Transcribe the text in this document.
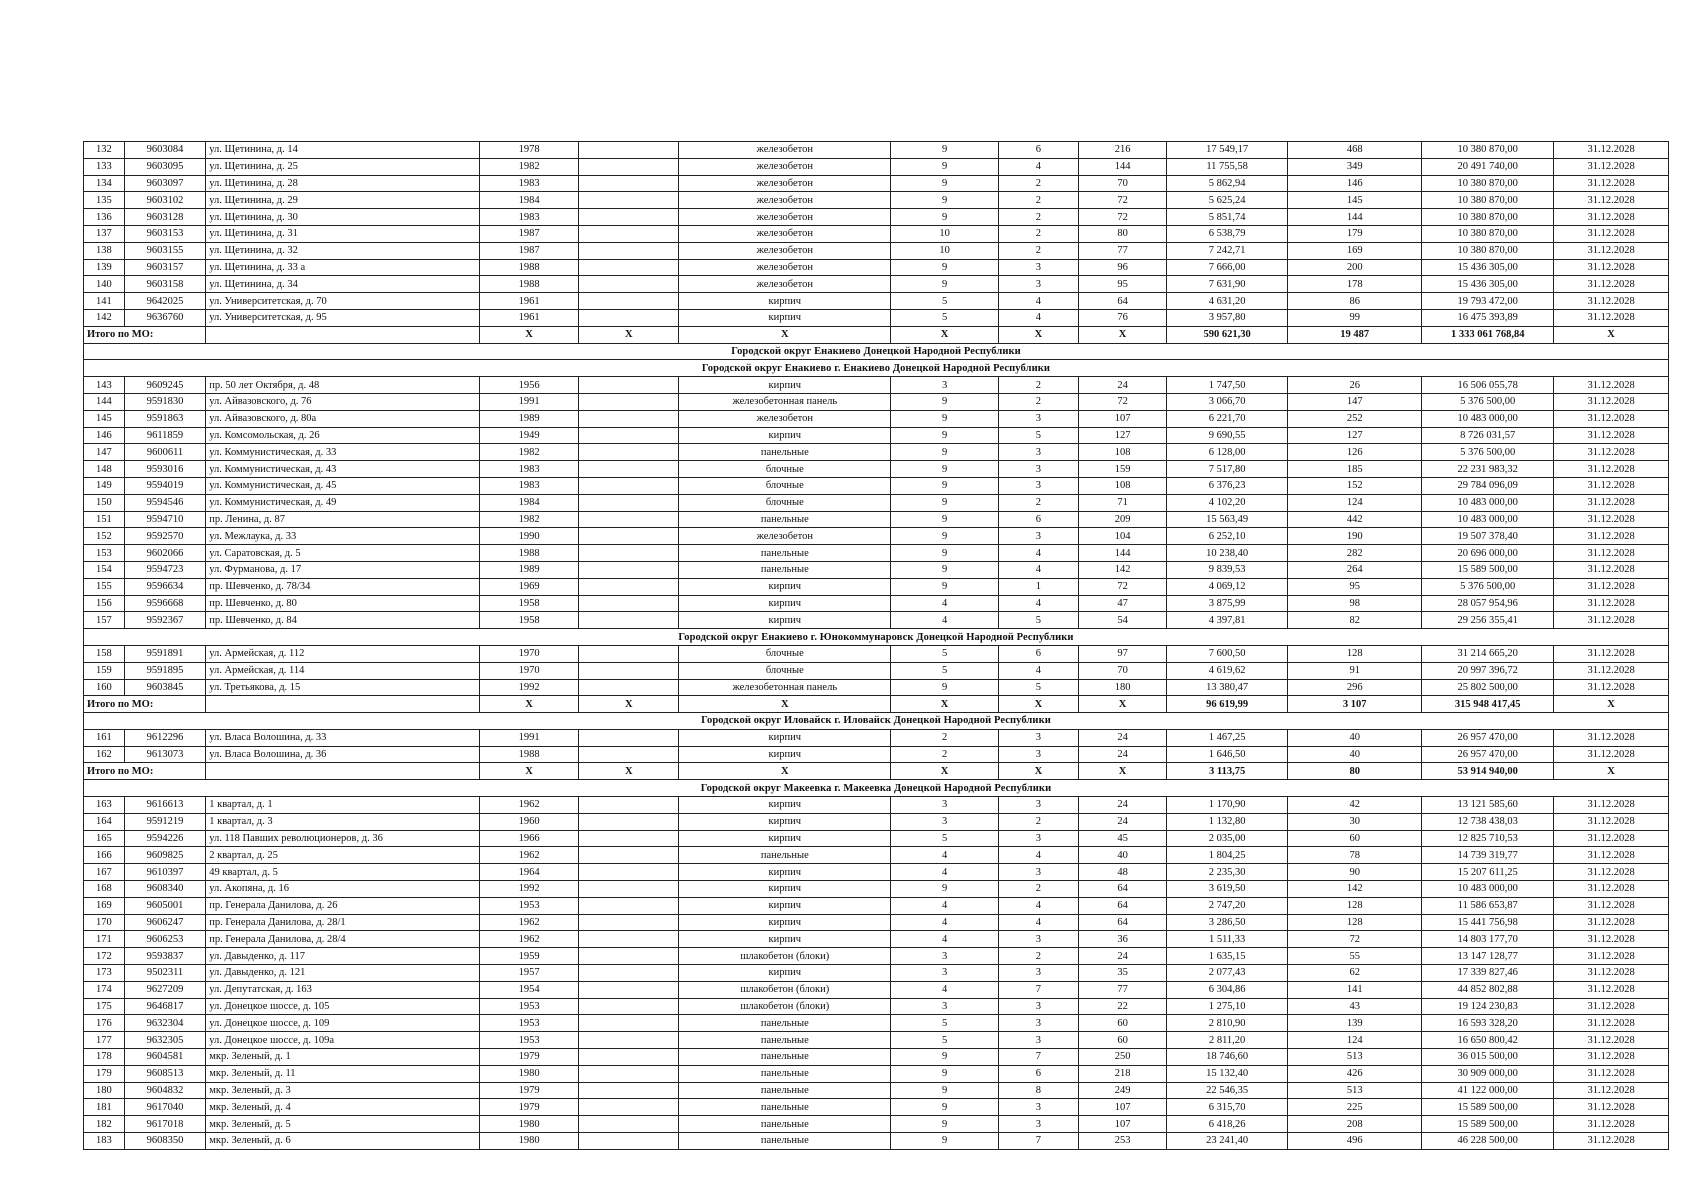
132	9603084	ул. Щетинина, д. 14	1978		железобетон	9	6	216	17 549,17	468	10 380 870,00	31.12.2028
133	9603095	ул. Щетинина, д. 25	1982		железобетон	9	4	144	11 755,58	349	20 491 740,00	31.12.2028
134	9603097	ул. Щетинина, д. 28	1983		железобетон	9	2	70	5 862,94	146	10 380 870,00	31.12.2028
135	9603102	ул. Щетинина, д. 29	1984		железобетон	9	2	72	5 625,24	145	10 380 870,00	31.12.2028
136	9603128	ул. Щетинина, д. 30	1983		железобетон	9	2	72	5 851,74	144	10 380 870,00	31.12.2028
137	9603153	ул. Щетинина, д. 31	1987		железобетон	10	2	80	6 538,79	179	10 380 870,00	31.12.2028
138	9603155	ул. Щетинина, д. 32	1987		железобетон	10	2	77	7 242,71	169	10 380 870,00	31.12.2028
139	9603157	ул. Щетинина, д. 33 а	1988		железобетон	9	3	96	7 666,00	200	15 436 305,00	31.12.2028
140	9603158	ул. Щетинина, д. 34	1988		железобетон	9	3	95	7 631,90	178	15 436 305,00	31.12.2028
141	9642025	ул. Университетская, д. 70	1961		кирпич	5	4	64	4 631,20	86	19 793 472,00	31.12.2028
142	9636760	ул. Университетская, д. 95	1961		кирпич	5	4	76	3 957,80	99	16 475 393,89	31.12.2028
Итого по МО:			Х	Х	Х	Х	Х	Х	590 621,30	19 487	1 333 061 768,84	Х
Городской округ Енакиево Донецкой Народной Республики												
Городской округ Енакиево г. Енакиево Донецкой Народной Республики												
143	9609245	пр. 50 лет Октября, д. 48	1956		кирпич	3	2	24	1 747,50	26	16 506 055,78	31.12.2028
144	9591830	ул. Айвазовского, д. 76	1991		железобетонная панель	9	2	72	3 066,70	147	5 376 500,00	31.12.2028
145	9591863	ул. Айвазовского, д. 80а	1989		железобетон	9	3	107	6 221,70	252	10 483 000,00	31.12.2028
146	9611859	ул. Комсомольская, д. 26	1949		кирпич	9	5	127	9 690,55	127	8 726 031,57	31.12.2028
147	9600611	ул. Коммунистическая, д. 33	1982		панельные	9	3	108	6 128,00	126	5 376 500,00	31.12.2028
148	9593016	ул. Коммунистическая, д. 43	1983		блочные	9	3	159	7 517,80	185	22 231 983,32	31.12.2028
149	9594019	ул. Коммунистическая, д. 45	1983		блочные	9	3	108	6 376,23	152	29 784 096,09	31.12.2028
150	9594546	ул. Коммунистическая, д. 49	1984		блочные	9	2	71	4 102,20	124	10 483 000,00	31.12.2028
151	9594710	пр. Ленина, д. 87	1982		панельные	9	6	209	15 563,49	442	10 483 000,00	31.12.2028
152	9592570	ул. Межлаука, д. 33	1990		железобетон	9	3	104	6 252,10	190	19 507 378,40	31.12.2028
153	9602066	ул. Саратовская, д. 5	1988		панельные	9	4	144	10 238,40	282	20 696 000,00	31.12.2028
154	9594723	ул. Фурманова, д. 17	1989		панельные	9	4	142	9 839,53	264	15 589 500,00	31.12.2028
155	9596634	пр. Шевченко, д. 78/34	1969		кирпич	9	1	72	4 069,12	95	5 376 500,00	31.12.2028
156	9596668	пр. Шевченко, д. 80	1958		кирпич	4	4	47	3 875,99	98	28 057 954,96	31.12.2028
157	9592367	пр. Шевченко, д. 84	1958		кирпич	4	5	54	4 397,81	82	29 256 355,41	31.12.2028
Городской округ Енакиево г. Юнокоммунаровск Донецкой Народной Республики												
158	9591891	ул. Армейская, д. 112	1970		блочные	5	6	97	7 600,50	128	31 214 665,20	31.12.2028
159	9591895	ул. Армейская, д. 114	1970		блочные	5	4	70	4 619,62	91	20 997 396,72	31.12.2028
160	9603845	ул. Третьякова, д. 15	1992		железобетонная панель	9	5	180	13 380,47	296	25 802 500,00	31.12.2028
Итого по МО:			Х	Х	Х	Х	Х	Х	96 619,99	3 107	315 948 417,45	Х
Городской округ Иловайск г. Иловайск Донецкой Народной Республики												
161	9612296	ул. Власа Волошина, д. 33	1991		кирпич	2	3	24	1 467,25	40	26 957 470,00	31.12.2028
162	9613073	ул. Власа Волошина, д. 36	1988		кирпич	2	3	24	1 646,50	40	26 957 470,00	31.12.2028
Итого по МО:			Х	Х	Х	Х	Х	Х	3 113,75	80	53 914 940,00	Х
Городской округ Макеевка г. Макеевка Донецкой Народной Республики												
163	9616613	1 квартал, д. 1	1962		кирпич	3	3	24	1 170,90	42	13 121 585,60	31.12.2028
164	9591219	1 квартал, д. 3	1960		кирпич	3	2	24	1 132,80	30	12 738 438,03	31.12.2028
165	9594226	ул. 118 Павших революционеров, д. 36	1966		кирпич	5	3	45	2 035,00	60	12 825 710,53	31.12.2028
166	9609825	2 квартал, д. 25	1962		панельные	4	4	40	1 804,25	78	14 739 319,77	31.12.2028
167	9610397	49 квартал, д. 5	1964		кирпич	4	3	48	2 235,30	90	15 207 611,25	31.12.2028
168	9608340	ул. Акопяна, д. 16	1992		кирпич	9	2	64	3 619,50	142	10 483 000,00	31.12.2028
169	9605001	пр. Генерала Данилова, д. 26	1953		кирпич	4	4	64	2 747,20	128	11 586 653,87	31.12.2028
170	9606247	пр. Генерала Данилова, д. 28/1	1962		кирпич	4	4	64	3 286,50	128	15 441 756,98	31.12.2028
171	9606253	пр. Генерала Данилова, д. 28/4	1962		кирпич	4	3	36	1 511,33	72	14 803 177,70	31.12.2028
172	9593837	ул. Давыденко, д. 117	1959		шлакобетон (блоки)	3	2	24	1 635,15	55	13 147 128,77	31.12.2028
173	9502311	ул. Давыденко, д. 121	1957		кирпич	3	3	35	2 077,43	62	17 339 827,46	31.12.2028
174	9627209	ул. Депутатская, д. 163	1954		шлакобетон (блоки)	4	7	77	6 304,86	141	44 852 802,88	31.12.2028
175	9646817	ул. Донецкое шоссе, д. 105	1953		шлакобетон (блоки)	3	3	22	1 275,10	43	19 124 230,83	31.12.2028
176	9632304	ул. Донецкое шоссе, д. 109	1953		панельные	5	3	60	2 810,90	139	16 593 328,20	31.12.2028
177	9632305	ул. Донецкое шоссе, д. 109а	1953		панельные	5	3	60	2 811,20	124	16 650 800,42	31.12.2028
178	9604581	мкр. Зеленый, д. 1	1979		панельные	9	7	250	18 746,60	513	36 015 500,00	31.12.2028
179	9608513	мкр. Зеленый, д. 11	1980		панельные	9	6	218	15 132,40	426	30 909 000,00	31.12.2028
180	9604832	мкр. Зеленый, д. 3	1979		панельные	9	8	249	22 546,35	513	41 122 000,00	31.12.2028
181	9617040	мкр. Зеленый, д. 4	1979		панельные	9	3	107	6 315,70	225	15 589 500,00	31.12.2028
182	9617018	мкр. Зеленый, д. 5	1980		панельные	9	3	107	6 418,26	208	15 589 500,00	31.12.2028
183	9608350	мкр. Зеленый, д. 6	1980		панельные	9	7	253	23 241,40	496	46 228 500,00	31.12.2028
